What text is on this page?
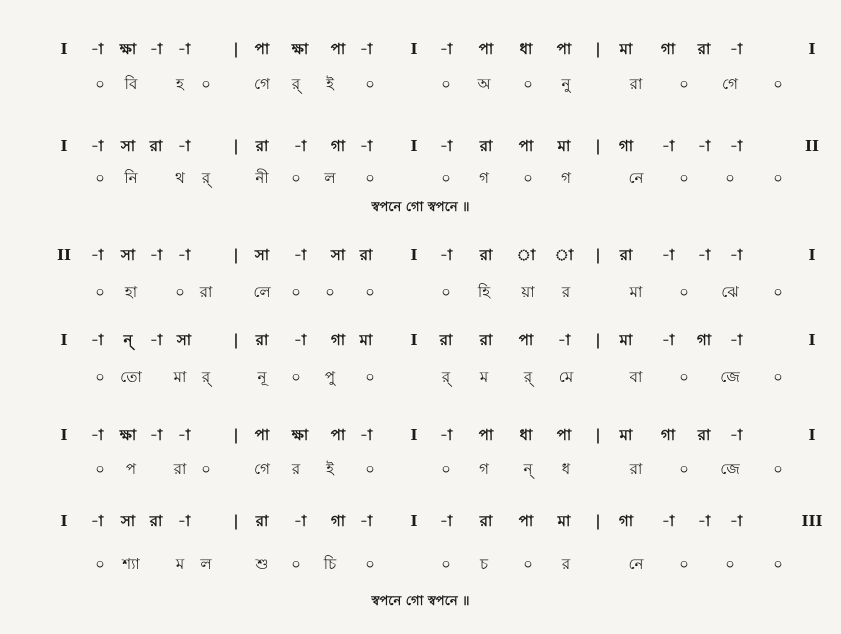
I -া ক্ষা -া -া	| পা ক্ষা পা -া	I -া পা ধা পা | মা গা রা -া	I
০ বি	হ ০	গে র্ ই ০	০ অ ০ নু	রা ০ গে ০
I -া সা রা -া	| রা -া গা -া	I -া রা পা মা | গা -া -া -া	II
০ নি	থ র্	নী ০ ল ০	০ গ ০ গ	নে ০ ০	০
স্বপনে গো স্বপনে ॥
II -া সা -া -া	| সা -া সা রা	I -া রা া া | রা -া -া -া	I
০ হা	০ রা	লে ০ ০ ০	০ হি য়া র	মা ০ ঝে ০
I -া ন্ -া সা	| রা -া গা মা	I রা রা পা -া | মা -া গা -া	I
০ তো মা র্	নূ ০ পু ০	র্ ম র্ মে	বা ০ জে ০
I -া ক্ষা -া -া	| পা ক্ষা পা -া	I -া পা ধা পা | মা গা রা -া	I
০ প	রা ০	গে র ই ০	০ গ ন্ ধ	রা ০ জে ০
I -া সা রা -া	| রা -া গা -া	I -া রা পা মা | গা -া -া -া	III
০ শ্যা ম ল	শু ০ চি ০	০ চ ০ র	নে ০ ০	০
স্বপনে গো স্বপনে ॥
